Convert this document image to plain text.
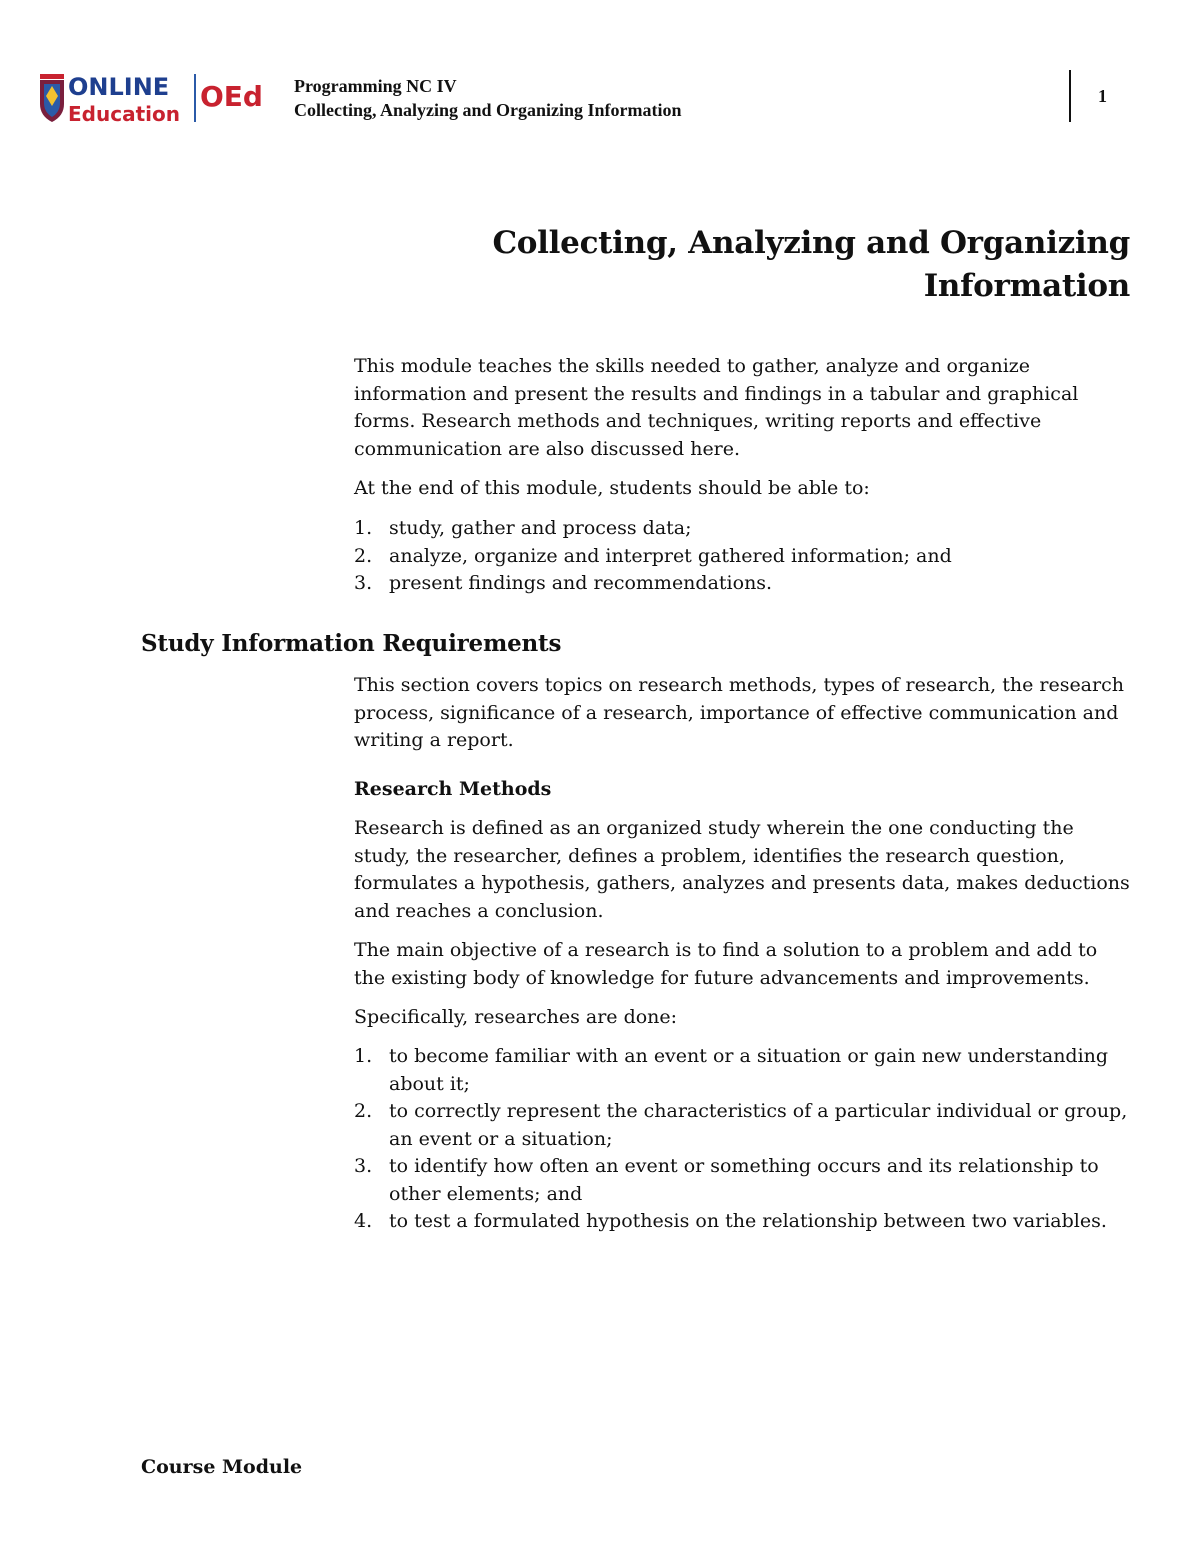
ONLINE
Education
OEd Programming NC IV
Collecting, Analyzing and Organizing Information
1
Collecting, Analyzing and Organizing
Information

This module teaches the skills needed to gather, analyze and organize information and present the results and findings in a tabular and graphical forms. Research methods and techniques, writing reports and effective communication are also discussed here.

At the end of this module, students should be able to:
1. study, gather and process data;
2. analyze, organize and interpret gathered information; and
3. present findings and recommendations.
Study Information Requirements

This section covers topics on research methods, types of research, the research process, significance of a research, importance of effective communication and writing a report.

Research Methods

Research is defined as an organized study wherein the one conducting the study, the researcher, defines a problem, identifies the research question, formulates a hypothesis, gathers, analyzes and presents data, makes deductions and reaches a conclusion.

The main objective of a research is to find a solution to a problem and add to the existing body of knowledge for future advancements and improvements.

Specifically, researches are done:
1. to become familiar with an event or a situation or gain new understanding about it;
2. to correctly represent the characteristics of a particular individual or group, an event or a situation;
3. to identify how often an event or something occurs and its relationship to other elements; and
4. to test a formulated hypothesis on the relationship between two variables.
Course Module
